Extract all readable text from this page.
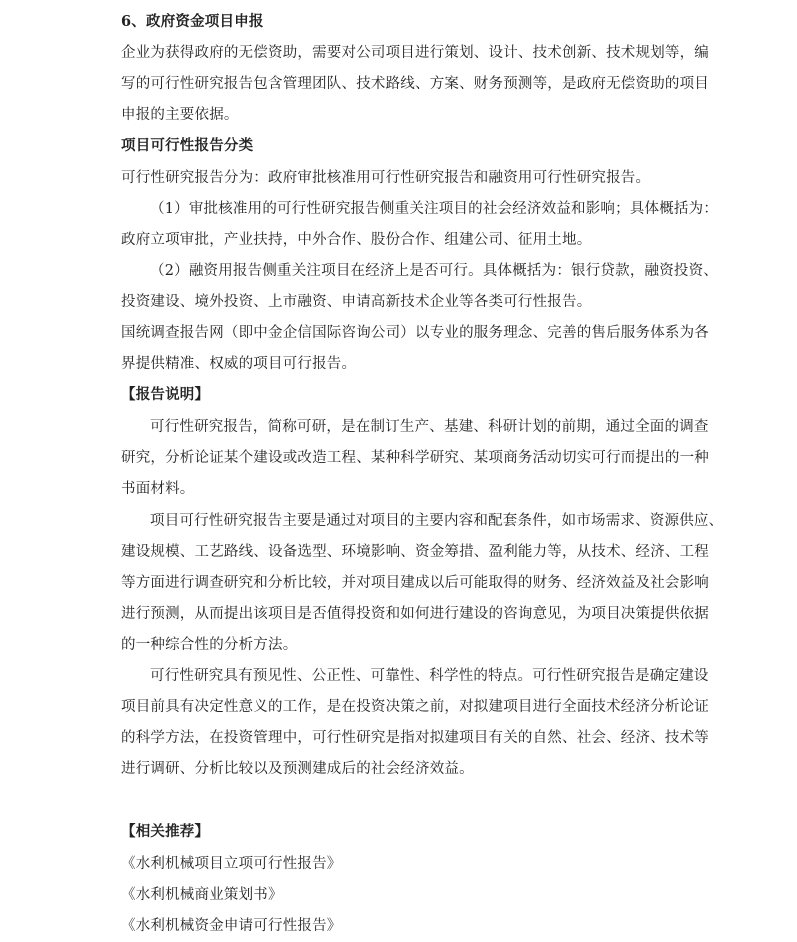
6、政府资金项目申报
企业为获得政府的无偿资助，需要对公司项目进行策划、设计、技术创新、技术规划等，编
写的可行性研究报告包含管理团队、技术路线、方案、财务预测等，是政府无偿资助的项目
申报的主要依据。
项目可行性报告分类
可行性研究报告分为：政府审批核准用可行性研究报告和融资用可行性研究报告。
（1）审批核准用的可行性研究报告侧重关注项目的社会经济效益和影响；具体概括为：
政府立项审批，产业扶持，中外合作、股份合作、组建公司、征用土地。
（2）融资用报告侧重关注项目在经济上是否可行。具体概括为：银行贷款，融资投资、
投资建设、境外投资、上市融资、申请高新技术企业等各类可行性报告。
国统调查报告网（即中金企信国际咨询公司）以专业的服务理念、完善的售后服务体系为各
界提供精准、权威的项目可行报告。
【报告说明】
可行性研究报告，简称可研，是在制订生产、基建、科研计划的前期，通过全面的调查
研究，分析论证某个建设或改造工程、某种科学研究、某项商务活动切实可行而提出的一种
书面材料。
项目可行性研究报告主要是通过对项目的主要内容和配套条件，如市场需求、资源供应、
建设规模、工艺路线、设备选型、环境影响、资金筹措、盈利能力等，从技术、经济、工程
等方面进行调查研究和分析比较，并对项目建成以后可能取得的财务、经济效益及社会影响
进行预测，从而提出该项目是否值得投资和如何进行建设的咨询意见，为项目决策提供依据
的一种综合性的分析方法。
可行性研究具有预见性、公正性、可靠性、科学性的特点。可行性研究报告是确定建设
项目前具有决定性意义的工作，是在投资决策之前，对拟建项目进行全面技术经济分析论证
的科学方法，在投资管理中，可行性研究是指对拟建项目有关的自然、社会、经济、技术等
进行调研、分析比较以及预测建成后的社会经济效益。
【相关推荐】
《水利机械项目立项可行性报告》
《水利机械商业策划书》
《水利机械资金申请可行性报告》
